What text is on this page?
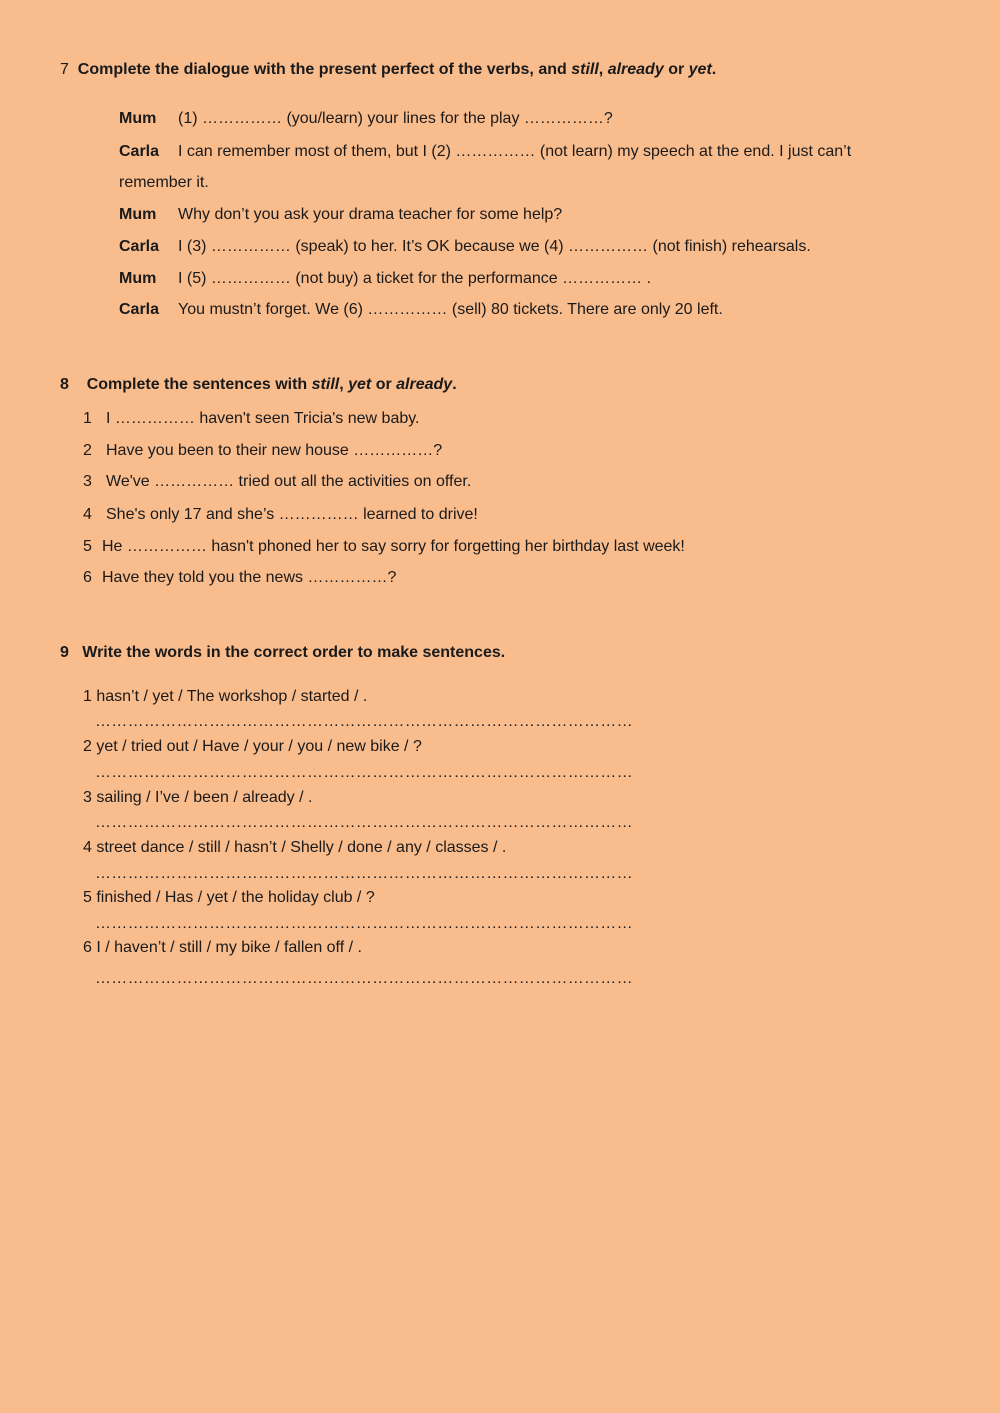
7 Complete the dialogue with the present perfect of the verbs, and still, already or yet.
Mum (1) …………… (you/learn) your lines for the play ……………?
Carla I can remember most of them, but I (2) …………… (not learn) my speech at the end. I just can’t
remember it.
Mum Why don’t you ask your drama teacher for some help?
Carla I (3) …………… (speak) to her. It’s OK because we (4) …………… (not finish) rehearsals.
Mum I (5) …………… (not buy) a ticket for the performance …………… .
Carla You mustn’t forget. We (6) …………… (sell) 80 tickets. There are only 20 left.
8 Complete the sentences with still, yet or already.
1 I …………… haven't seen Tricia's new baby.
2 Have you been to their new house ……………?
3 We've …………… tried out all the activities on offer.
4 She's only 17 and she’s …………… learned to drive!
5 He …………… hasn't phoned her to say sorry for forgetting her birthday last week!
6 Have they told you the news ……………?
9 Write the words in the correct order to make sentences.
1 hasn’t / yet / The workshop / started / .
………………………………………………………………………………………
2 yet / tried out / Have / your / you / new bike / ?
………………………………………………………………………………………
3 sailing / I’ve / been / already / .
………………………………………………………………………………………
4 street dance / still / hasn’t / Shelly / done / any / classes / .
………………………………………………………………………………………
5 finished / Has / yet / the holiday club / ?
………………………………………………………………………………………
6 I / haven’t / still / my bike / fallen off / .
………………………………………………………………………………………
